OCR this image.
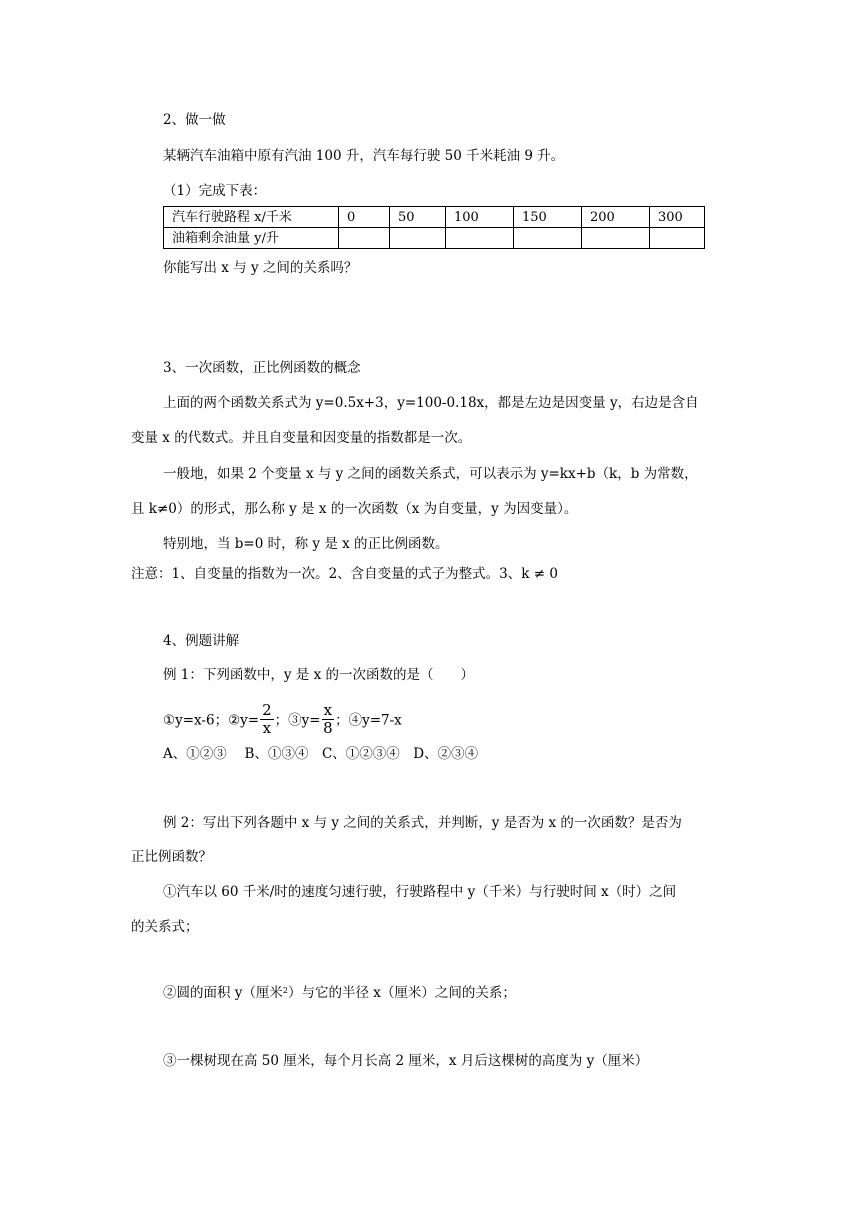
2、做一做
某辆汽车油箱中原有汽油 100 升，汽车每行驶 50 千米耗油 9 升。
（1）完成下表：
汽车行驶路程 x/千米	0	50	100	150	200	300
油箱剩余油量 y/升						
你能写出 x 与 y 之间的关系吗？
3、一次函数，正比例函数的概念
上面的两个函数关系式为 y=0.5x+3，y=100-0.18x，都是左边是因变量 y，右边是含自
变量 x 的代数式。并且自变量和因变量的指数都是一次。
一般地，如果 2 个变量 x 与 y 之间的函数关系式，可以表示为 y=kx+b（k，b 为常数，
且 k≠0）的形式，那么称 y 是 x 的一次函数（x 为自变量，y 为因变量）。
特别地，当 b=0 时，称 y 是 x 的正比例函数。
注意：1、自变量的指数为一次。2、含自变量的式子为整式。3、k ≠ 0
4、例题讲解
例 1：下列函数中，y 是 x 的一次函数的是（　　）
①y=x-6；②y= $\frac{2}{x}$ ；③y= $\frac{x}{8}$ ；④y=7-x
A、①②③　 B、①③④　C、①②③④　D、②③④
例 2：写出下列各题中 x 与 y 之间的关系式，并判断，y 是否为 x 的一次函数？是否为
正比例函数？
①汽车以 60 千米/时的速度匀速行驶，行驶路程中 y（千米）与行驶时间 x（时）之间
的关系式；
②圆的面积 y（厘米$^2$）与它的半径 x（厘米）之间的关系；
③一棵树现在高 50 厘米，每个月长高 2 厘米，x 月后这棵树的高度为 y（厘米）
